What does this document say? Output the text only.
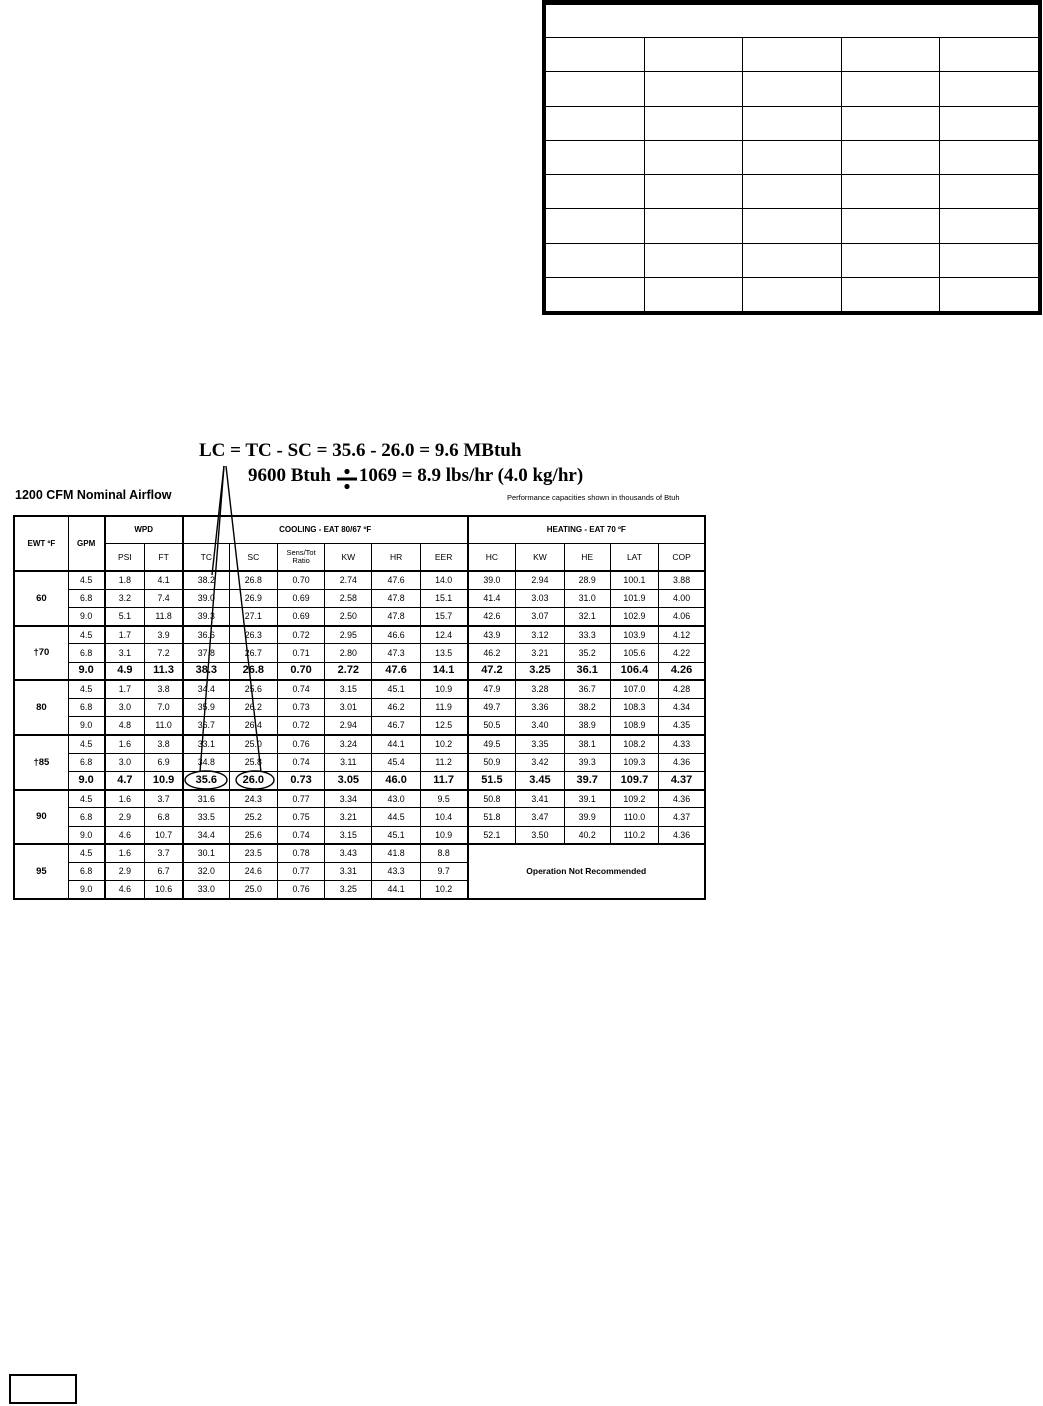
LC = TC - SC = 35.6 - 26.0 = 9.6 MBtuh
9600 Btuh 1069 = 8.9 lbs/hr (4.0 kg/hr)
1200 CFM Nominal Airflow	Performance capacities shown in thousands of Btuh
EWT ºF	GPM	WPD		COOLING - EAT 80/67 ºF						HEATING - EAT 70 ºF				
		PSI	FT	TC	SC	Sens/Tot Ratio	KW	HR	EER	HC	KW	HE	LAT	COP
60	4.5	1.8	4.1	38.2	26.8	0.70	2.74	47.6	14.0	39.0	2.94	28.9	100.1	3.88
	6.8	3.2	7.4	39.0	26.9	0.69	2.58	47.8	15.1	41.4	3.03	31.0	101.9	4.00
	9.0	5.1	11.8	39.3	27.1	0.69	2.50	47.8	15.7	42.6	3.07	32.1	102.9	4.06
†70	4.5	1.7	3.9	36.6	26.3	0.72	2.95	46.6	12.4	43.9	3.12	33.3	103.9	4.12
	6.8	3.1	7.2	37.8	26.7	0.71	2.80	47.3	13.5	46.2	3.21	35.2	105.6	4.22
	9.0	4.9	11.3	38.3	26.8	0.70	2.72	47.6	14.1	47.2	3.25	36.1	106.4	4.26
80	4.5	1.7	3.8	34.4	25.6	0.74	3.15	45.1	10.9	47.9	3.28	36.7	107.0	4.28
	6.8	3.0	7.0	35.9	26.2	0.73	3.01	46.2	11.9	49.7	3.36	38.2	108.3	4.34
	9.0	4.8	11.0	36.7	26.4	0.72	2.94	46.7	12.5	50.5	3.40	38.9	108.9	4.35
†85	4.5	1.6	3.8	33.1	25.0	0.76	3.24	44.1	10.2	49.5	3.35	38.1	108.2	4.33
	6.8	3.0	6.9	34.8	25.8	0.74	3.11	45.4	11.2	50.9	3.42	39.3	109.3	4.36
	9.0	4.7	10.9	35.6	26.0	0.73	3.05	46.0	11.7	51.5	3.45	39.7	109.7	4.37
90	4.5	1.6	3.7	31.6	24.3	0.77	3.34	43.0	9.5	50.8	3.41	39.1	109.2	4.36
	6.8	2.9	6.8	33.5	25.2	0.75	3.21	44.5	10.4	51.8	3.47	39.9	110.0	4.37
	9.0	4.6	10.7	34.4	25.6	0.74	3.15	45.1	10.9	52.1	3.50	40.2	110.2	4.36
95	4.5	1.6	3.7	30.1	23.5	0.78	3.43	41.8	8.8	Operation Not Recommended				
	6.8	2.9	6.7	32.0	24.6	0.77	3.31	43.3	9.7					
	9.0	4.6	10.6	33.0	25.0	0.76	3.25	44.1	10.2					
